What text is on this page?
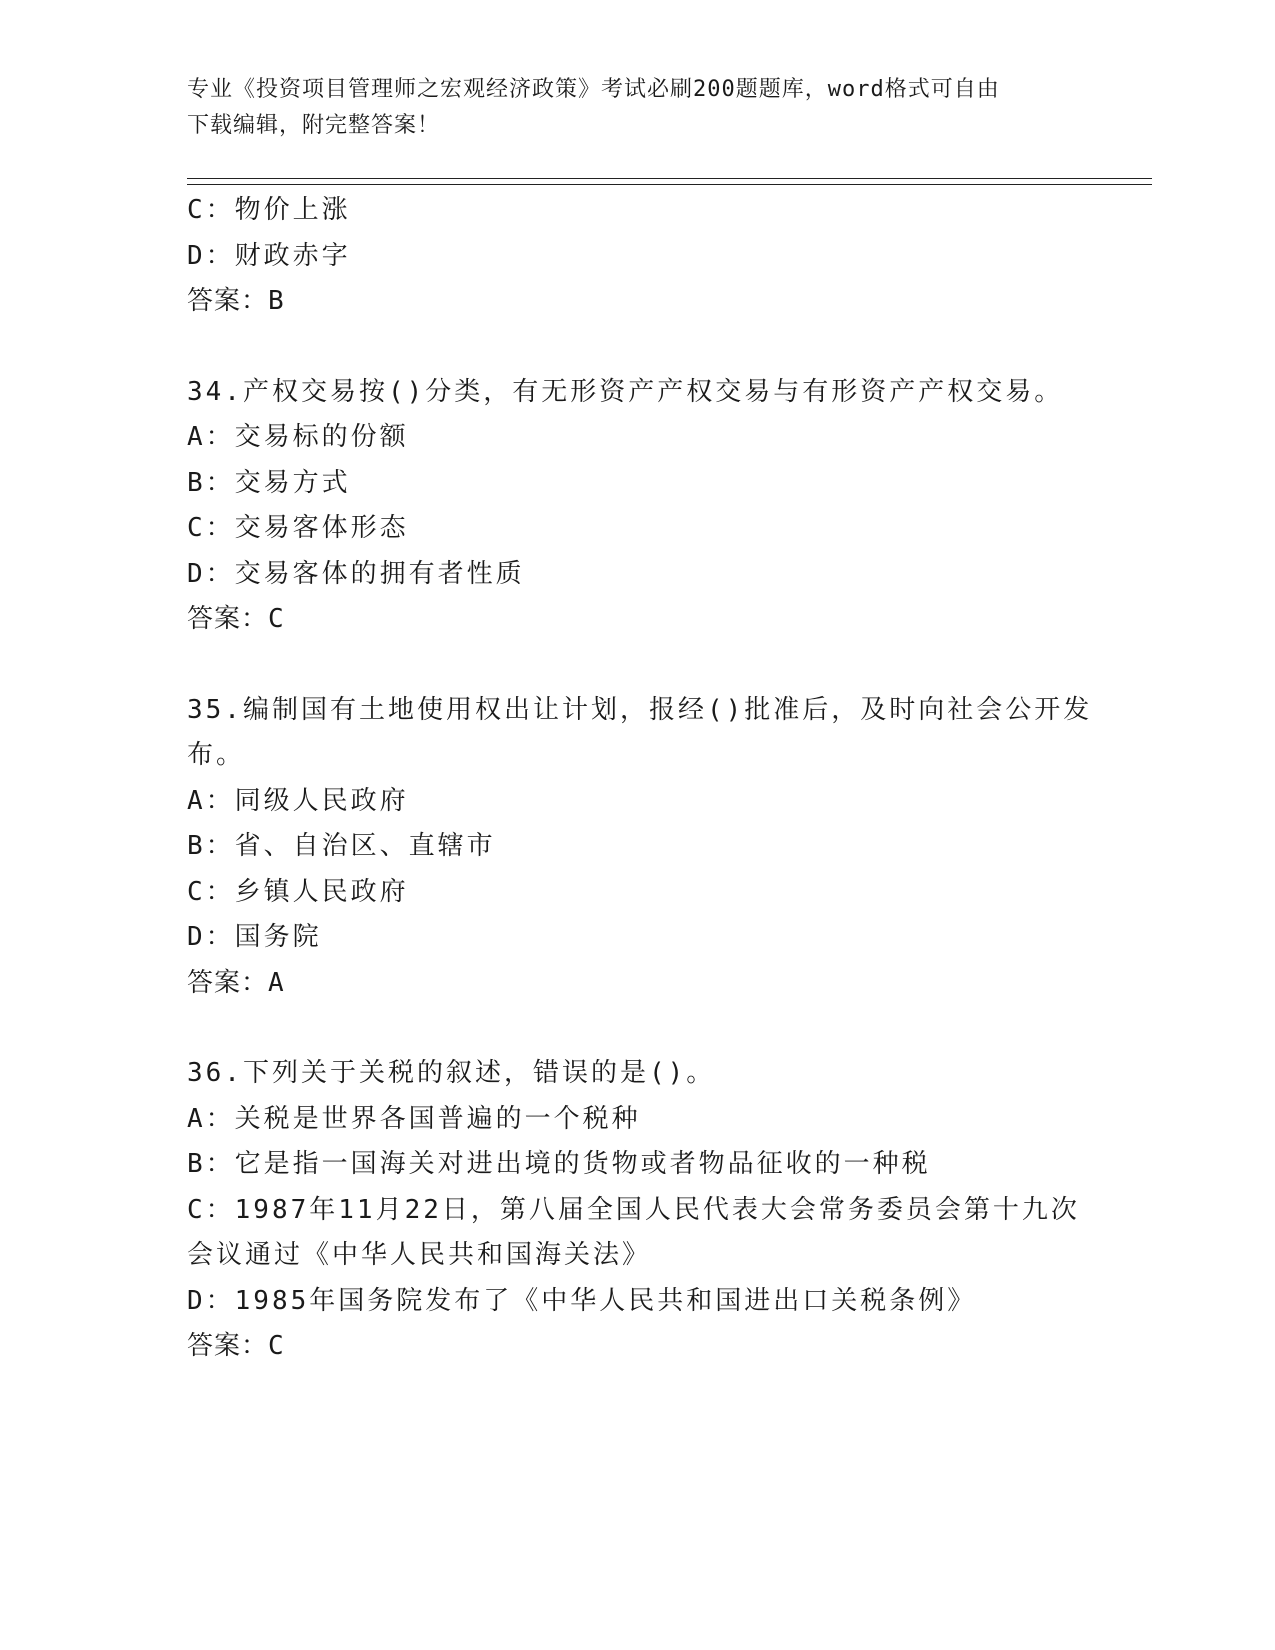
专业《投资项目管理师之宏观经济政策》考试必刷200题题库，word格式可自由
下载编辑，附完整答案！
C：物价上涨
D：财政赤字
答案：B
34.产权交易按()分类，有无形资产产权交易与有形资产产权交易。
A：交易标的份额
B：交易方式
C：交易客体形态
D：交易客体的拥有者性质
答案：C
35.编制国有土地使用权出让计划，报经()批准后，及时向社会公开发
布。
A：同级人民政府
B：省、自治区、直辖市
C：乡镇人民政府
D：国务院
答案：A
36.下列关于关税的叙述，错误的是()。
A：关税是世界各国普遍的一个税种
B：它是指一国海关对进出境的货物或者物品征收的一种税
C：1987年11月22日，第八届全国人民代表大会常务委员会第十九次
会议通过《中华人民共和国海关法》
D：1985年国务院发布了《中华人民共和国进出口关税条例》
答案：C
